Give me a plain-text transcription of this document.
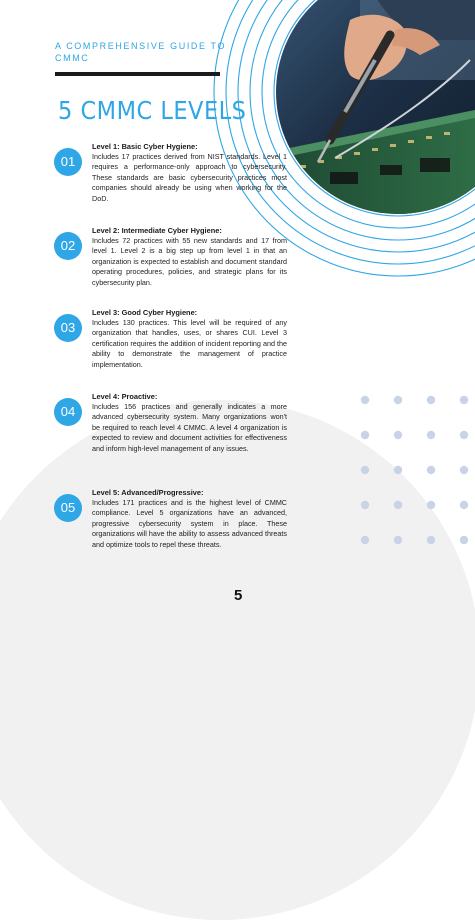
A COMPREHENSIVE GUIDE TO CMMC
5 CMMC LEVELS
01
Level 1: Basic Cyber Hygiene:

Includes 17 practices derived from NIST standards. Level 1 requires a performance-only approach to cybersecurity. These standards are basic cybersecurity practices most companies should already be using when working for the DoD.

02
Level 2: Intermediate Cyber Hygiene:

Includes 72 practices with 55 new standards and 17 from level 1. Level 2 is a big step up from level 1 in that an organization is expected to establish and document standard operating procedures, policies, and strategic plans for its cybersecurity plan.

03
Level 3: Good Cyber Hygiene:

Includes 130 practices. This level will be required of any organization that handles, uses, or shares CUI. Level 3 certification requires the addition of incident reporting and the ability to demonstrate the management of practice implementation.

04
Level 4: Proactive:

Includes 156 practices and generally indicates a more advanced cybersecurity system. Many organizations won't be required to reach level 4 CMMC. A level 4 organization is expected to review and document activities for effectiveness and inform high-level management of any issues.

05
Level 5: Advanced/Progressive:

Includes 171 practices and is the highest level of CMMC compliance. Level 5 organizations have an advanced, progressive cybersecurity system in place. These organizations will have the ability to assess advanced threats and optimize tools to repel these threats.

5
